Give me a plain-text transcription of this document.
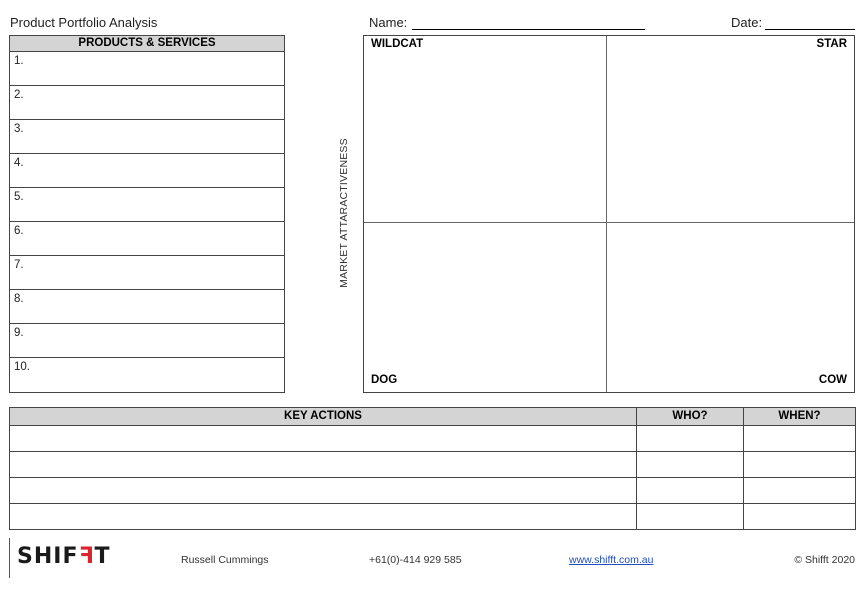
Product Portfolio Analysis	Name:	Date:
PRODUCTS & SERVICES
1.
2.
3.
4.
5.
6.
7.
8.
9.
10.
MARKET ATTARACTIVENESS
WILDCAT	STAR
DOG	COW
KEY ACTIONS	WHO?	WHEN?

SHIFFT	Russell Cummings	+61(0)-414 929 585	www.shifft.com.au	© Shifft 2020
